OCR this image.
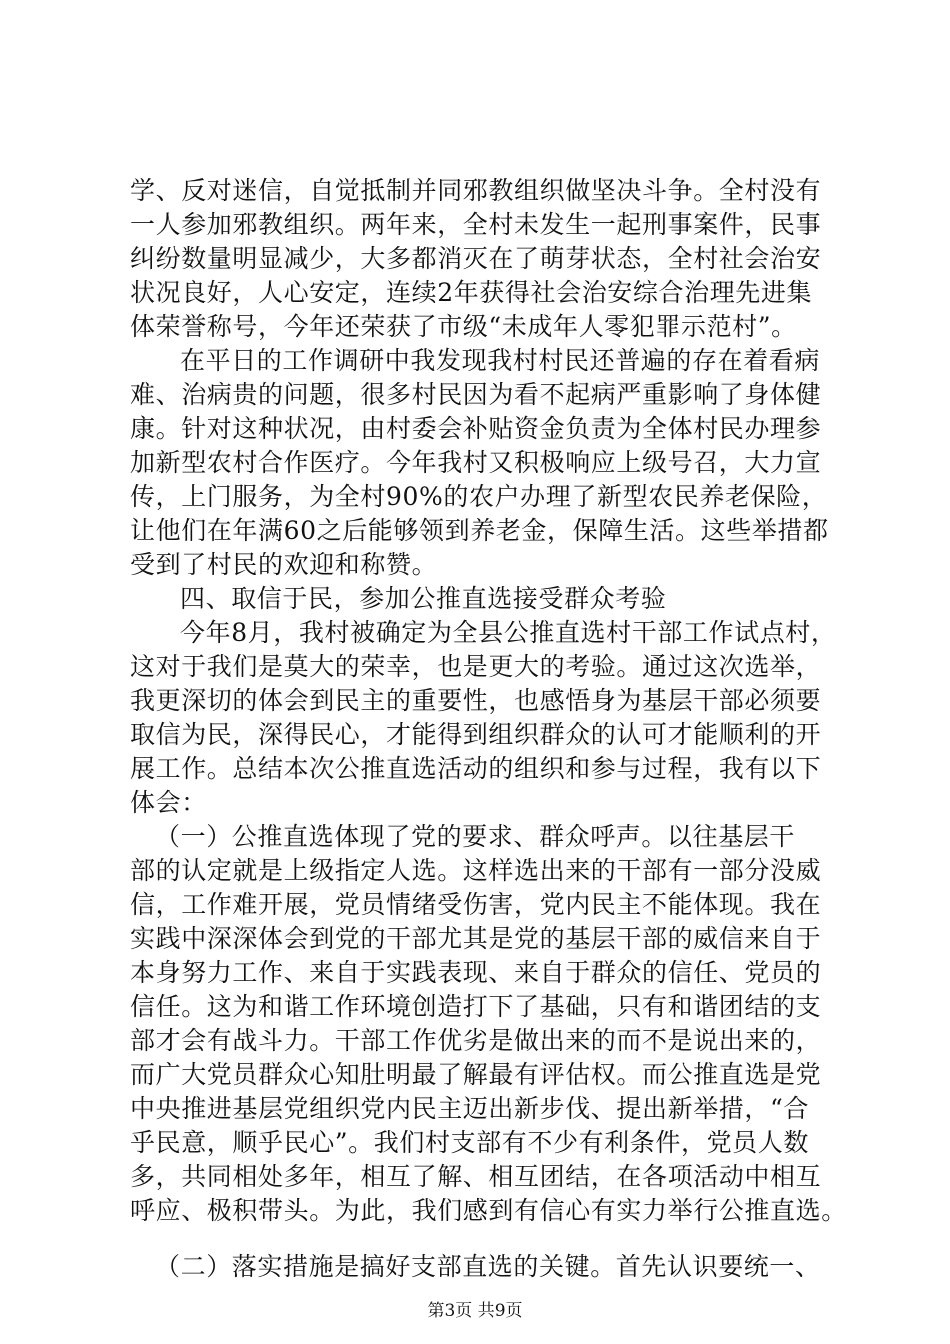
学、反对迷信，自觉抵制并同邪教组织做坚决斗争。全村没有
一人参加邪教组织。两年来，全村未发生一起刑事案件，民事
纠纷数量明显减少，大多都消灭在了萌芽状态，全村社会治安
状况良好，人心安定，连续2年获得社会治安综合治理先进集
体荣誉称号，今年还荣获了市级“未成年人零犯罪示范村”。
在平日的工作调研中我发现我村村民还普遍的存在着看病
难、治病贵的问题，很多村民因为看不起病严重影响了身体健
康。针对这种状况，由村委会补贴资金负责为全体村民办理参
加新型农村合作医疗。今年我村又积极响应上级号召，大力宣
传，上门服务，为全村90%的农户办理了新型农民养老保险，
让他们在年满60之后能够领到养老金，保障生活。这些举措都
受到了村民的欢迎和称赞。
四、取信于民，参加公推直选接受群众考验
今年8月，我村被确定为全县公推直选村干部工作试点村，
这对于我们是莫大的荣幸，也是更大的考验。通过这次选举，
我更深切的体会到民主的重要性，也感悟身为基层干部必须要
取信为民，深得民心，才能得到组织群众的认可才能顺利的开
展工作。总结本次公推直选活动的组织和参与过程，我有以下
体会：
（一）公推直选体现了党的要求、群众呼声。以往基层干
部的认定就是上级指定人选。这样选出来的干部有一部分没威
信，工作难开展，党员情绪受伤害，党内民主不能体现。我在
实践中深深体会到党的干部尤其是党的基层干部的威信来自于
本身努力工作、来自于实践表现、来自于群众的信任、党员的
信任。这为和谐工作环境创造打下了基础，只有和谐团结的支
部才会有战斗力。干部工作优劣是做出来的而不是说出来的，
而广大党员群众心知肚明最了解最有评估权。而公推直选是党
中央推进基层党组织党内民主迈出新步伐、提出新举措，“合
乎民意，顺乎民心”。我们村支部有不少有利条件，党员人数
多，共同相处多年，相互了解、相互团结，在各项活动中相互
呼应、极积带头。为此，我们感到有信心有实力举行公推直选。
（二）落实措施是搞好支部直选的关键。首先认识要统一、
第3页 共9页
